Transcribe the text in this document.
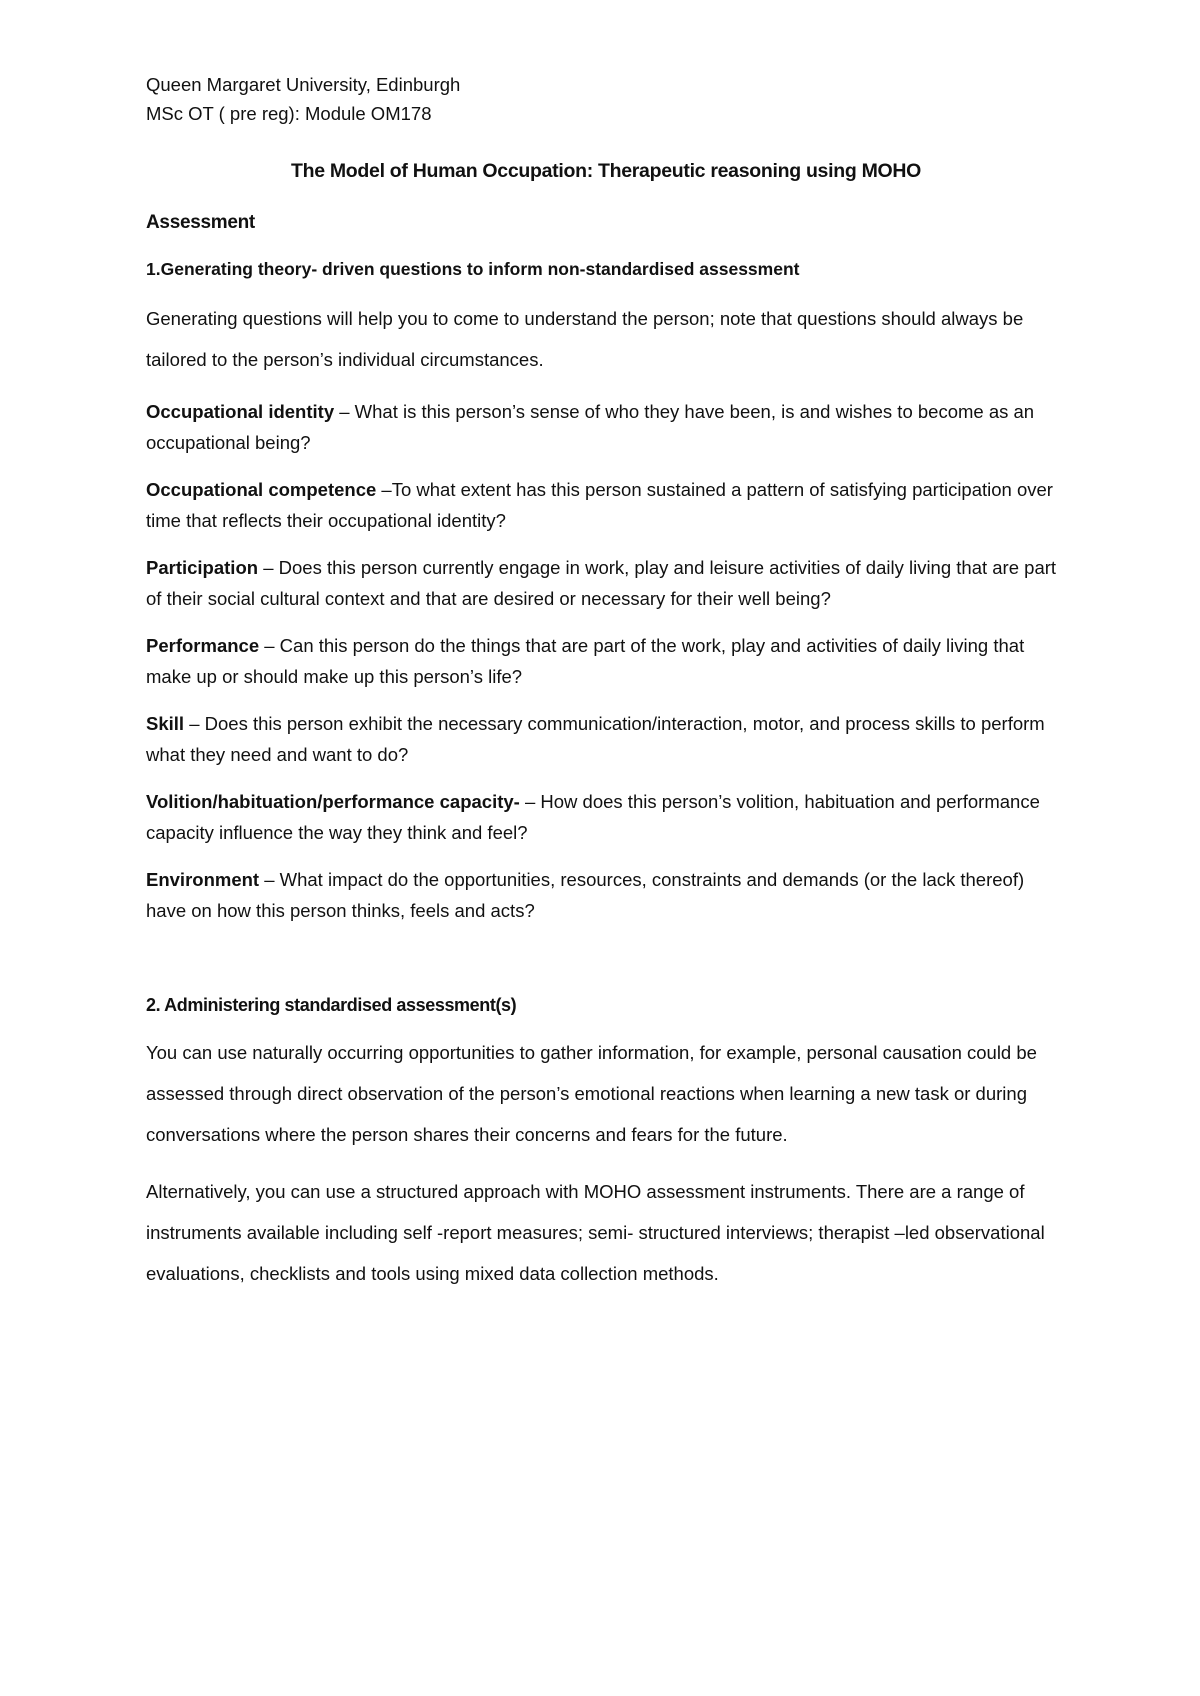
Queen Margaret University, Edinburgh

MSc OT ( pre reg): Module OM178

The Model of Human Occupation: Therapeutic reasoning using MOHO
Assessment
1.Generating theory- driven questions to inform non-standardised assessment

Generating questions will help you to come to understand the person; note that questions should always be tailored to the person’s individual circumstances.

Occupational identity – What is this person’s sense of who they have been, is and wishes to become as an occupational being?

Occupational competence –To what extent has this person sustained a pattern of satisfying participation over time that reflects their occupational identity?

Participation – Does this person currently engage in work, play and leisure activities of daily living that are part of their social cultural context and that are desired or necessary for their well being?

Performance – Can this person do the things that are part of the work, play and activities of daily living that make up or should make up this person’s life?

Skill – Does this person exhibit the necessary communication/interaction, motor, and process skills to perform what they need and want to do?

Volition/habituation/performance capacity- – How does this person’s volition, habituation and performance capacity influence the way they think and feel?

Environment – What impact do the opportunities, resources, constraints and demands (or the lack thereof) have on how this person thinks, feels and acts?

2. Administering standardised assessment(s)

You can use naturally occurring opportunities to gather information, for example, personal causation could be assessed through direct observation of the person’s emotional reactions when learning a new task or during conversations where the person shares their concerns and fears for the future.

Alternatively, you can use a structured approach with MOHO assessment instruments. There are a range of instruments available including self -report measures; semi- structured interviews; therapist –led observational evaluations, checklists and tools using mixed data collection methods.
